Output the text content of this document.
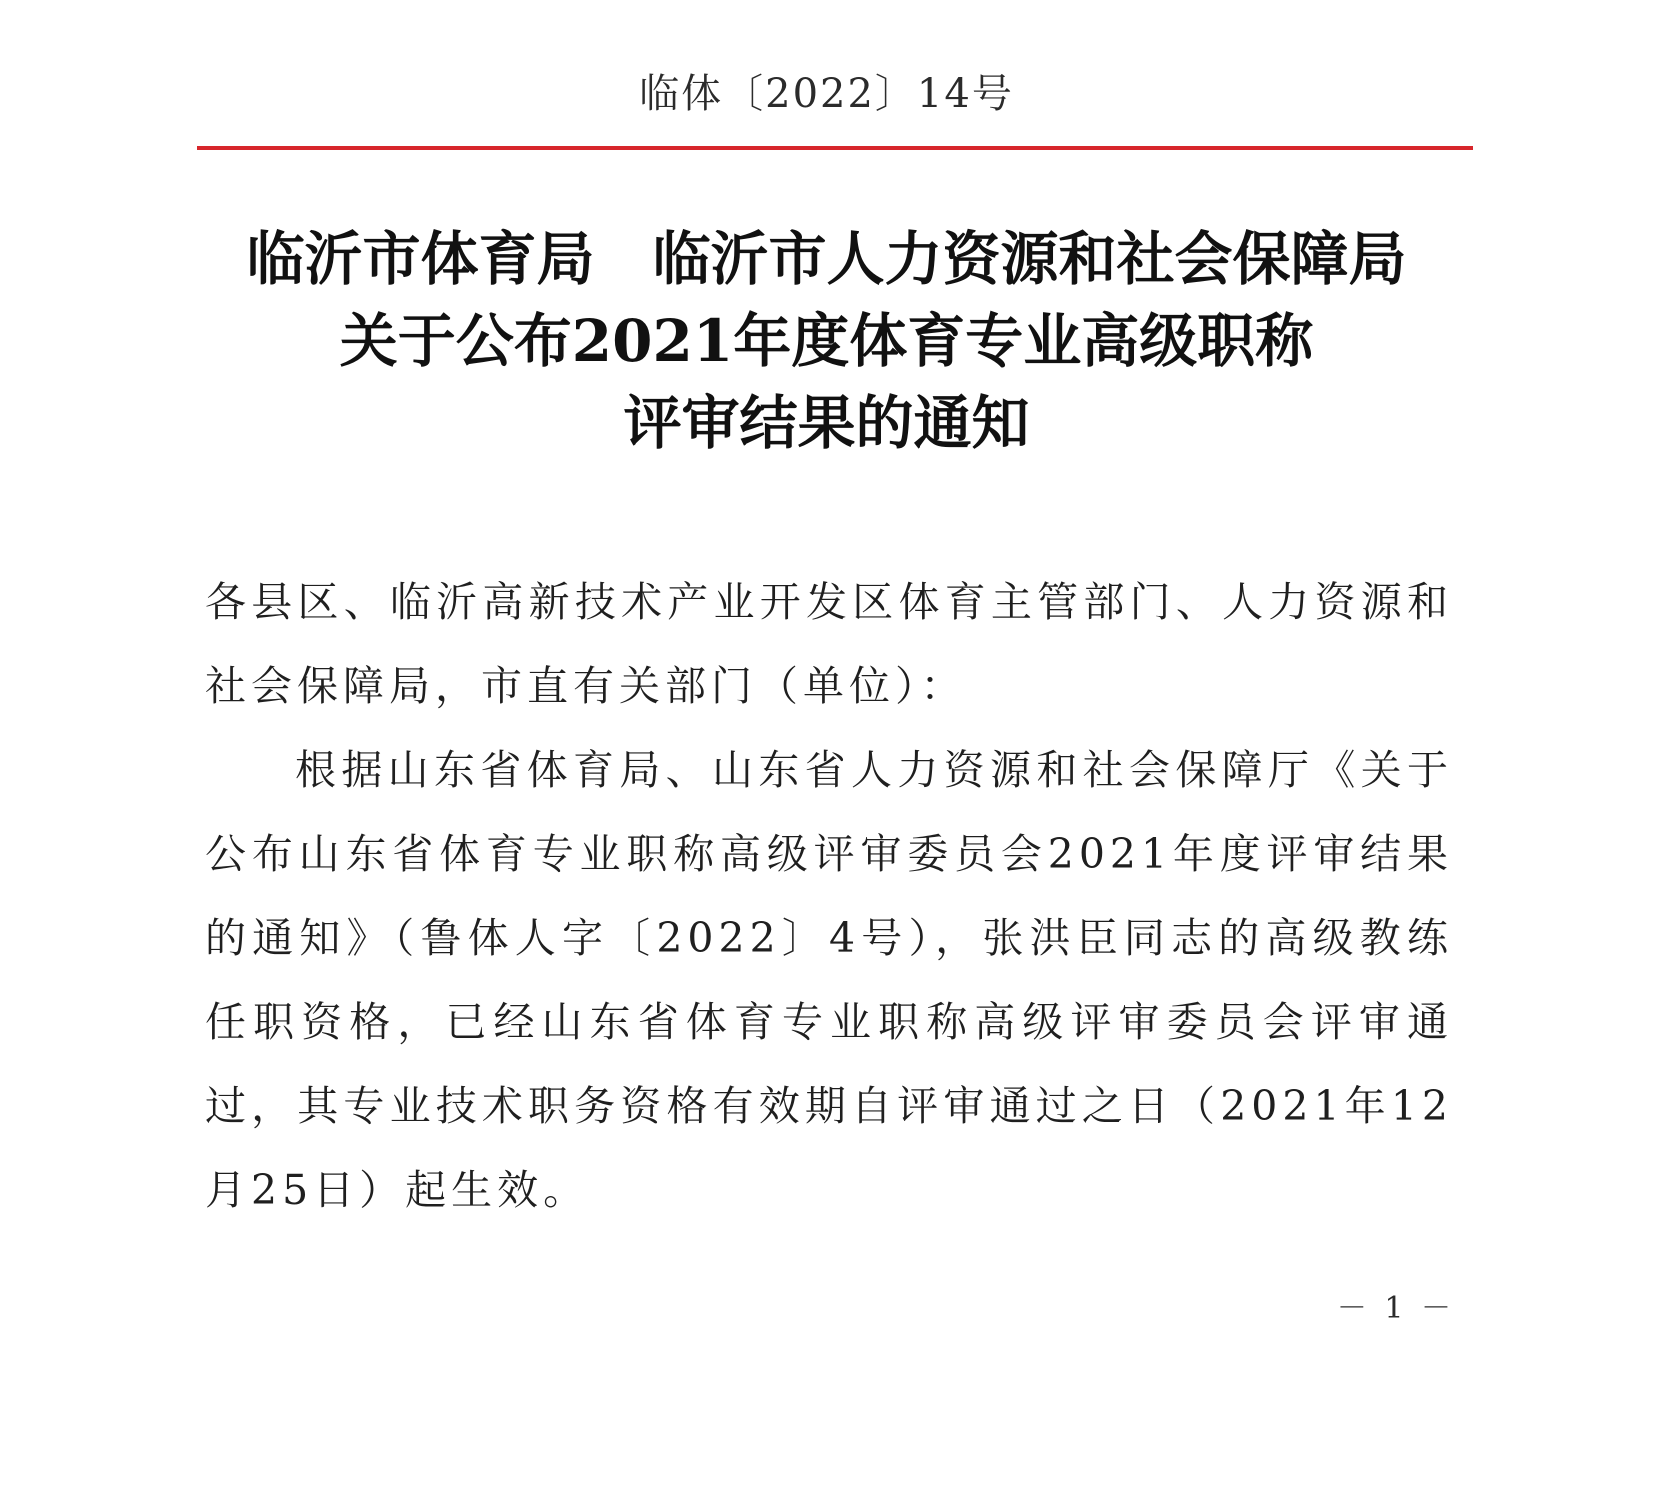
临体〔2022〕14号
临沂市体育局　临沂市人力资源和社会保障局
关于公布2021年度体育专业高级职称
评审结果的通知

各县区、临沂高新技术产业开发区体育主管部门、人力资源和社会保障局，市直有关部门（单位）：

根据山东省体育局、山东省人力资源和社会保障厅《关于公布山东省体育专业职称高级评审委员会2021年度评审结果的通知》（鲁体人字〔2022〕4号），张洪臣同志的高级教练任职资格，已经山东省体育专业职称高级评审委员会评审通过，其专业技术职务资格有效期自评审通过之日（2021年12月25日）起生效。

－ 1 －
